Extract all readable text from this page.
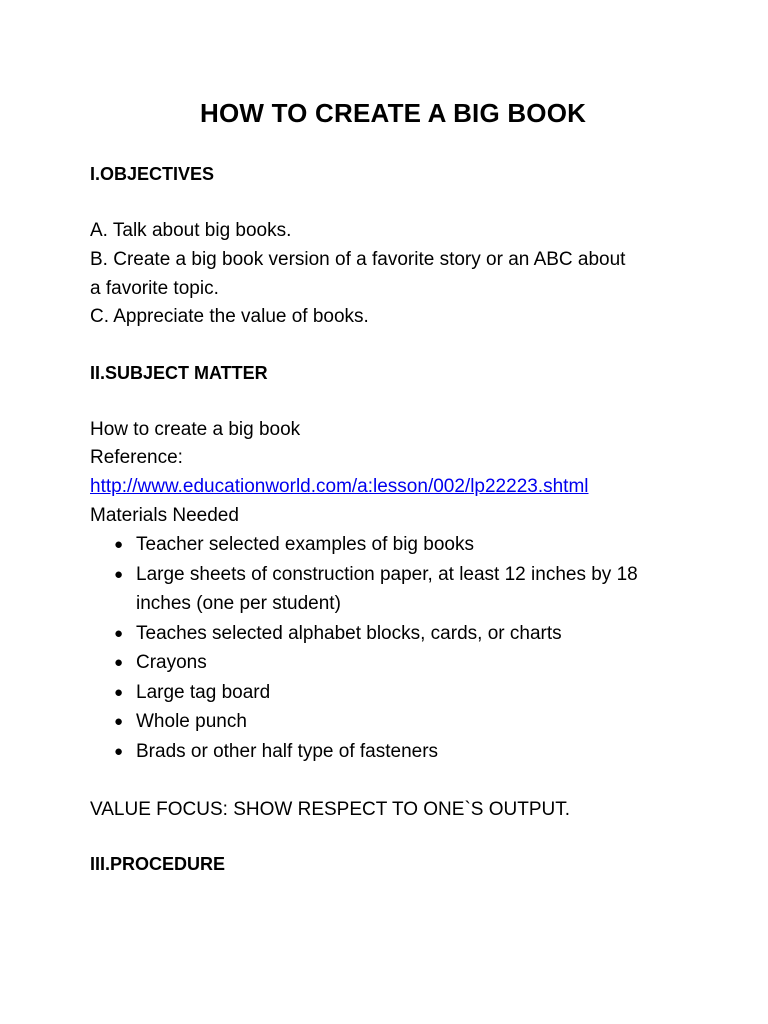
HOW TO CREATE A BIG BOOK
I.OBJECTIVES
A. Talk about big books.
B. Create a big book version of a favorite story or an ABC about
a favorite topic.
C. Appreciate the value of books.
II.SUBJECT MATTER
How to create a big book
Reference:
http://www.educationworld.com/a:lesson/002/lp22223.shtml
Materials Needed
● Teacher selected examples of big books
● Large sheets of construction paper, at least 12 inches by 18 inches (one per student)
● Teaches selected alphabet blocks, cards, or charts
● Crayons
● Large tag board
● Whole punch
● Brads or other half type of fasteners
VALUE FOCUS: SHOW RESPECT TO ONE`S OUTPUT.
III.PROCEDURE
